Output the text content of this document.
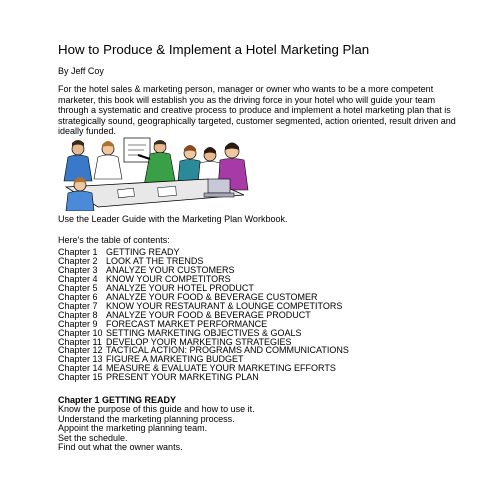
How to Produce & Implement a Hotel Marketing Plan
By Jeff Coy

For the hotel sales & marketing person, manager or owner who wants to be a more competent marketer, this book will establish you as the driving force in your hotel who will guide your team through a systematic and creative process to produce and implement a hotel marketing plan that is strategically sound, geographically targeted, customer segmented, action oriented, result driven and ideally funded.

Use the Leader Guide with the Marketing Plan Workbook.
Here's the table of contents:
Chapter 1 GETTING READY
Chapter 2 LOOK AT THE TRENDS
Chapter 3 ANALYZE YOUR CUSTOMERS
Chapter 4 KNOW YOUR COMPETITORS
Chapter 5 ANALYZE YOUR HOTEL PRODUCT
Chapter 6 ANALYZE YOUR FOOD & BEVERAGE CUSTOMER
Chapter 7 KNOW YOUR RESTAURANT & LOUNGE COMPETITORS
Chapter 8 ANALYZE YOUR FOOD & BEVERAGE PRODUCT
Chapter 9 FORECAST MARKET PERFORMANCE
Chapter 10 SETTING MARKETING OBJECTIVES & GOALS
Chapter 11 DEVELOP YOUR MARKETING STRATEGIES
Chapter 12 TACTICAL ACTION: PROGRAMS AND COMMUNICATIONS
Chapter 13 FIGURE A MARKETING BUDGET
Chapter 14 MEASURE & EVALUATE YOUR MARKETING EFFORTS
Chapter 15 PRESENT YOUR MARKETING PLAN
Chapter 1 GETTING READY
Know the purpose of this guide and how to use it.
Understand the marketing planning process.
Appoint the marketing planning team.
Set the schedule.
Find out what the owner wants.
